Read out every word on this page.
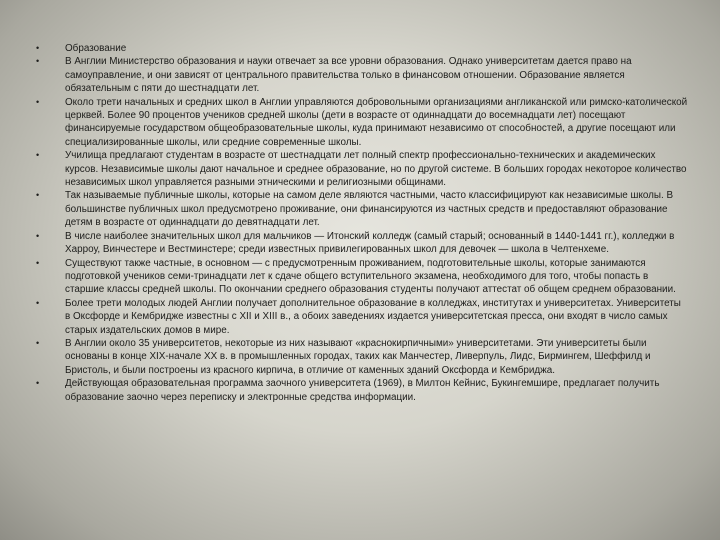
•	Образование
•	В Англии Министерство образования и науки отвечает за все уровни образования. Однако университетам дается право на самоуправление, и они зависят от центрального правительства только в финансовом отношении. Образование является обязательным с пяти до шестнадцати лет.
•	Около трети начальных и средних школ в Англии управляются добровольными организациями англиканской или римско-католической церквей. Более 90 процентов учеников средней школы (дети в возрасте от одиннадцати до восемнадцати лет) посещают финансируемые государством общеобразовательные школы, куда принимают независимо от способностей, а другие посещают или специализированные школы, или средние современные школы.
•	Училища предлагают студентам в возрасте от шестнадцати лет полный спектр профессионально-технических и академических курсов. Независимые школы дают начальное и среднее образование, но по другой системе. В больших городах некоторое количество независимых школ управляется разными этническими и религиозными общинами.
•	Так называемые публичные школы, которые на самом деле являются частными, часто классифицируют как независимые школы. В большинстве публичных школ предусмотрено проживание, они финансируются из частных средств и предоставляют образование детям в возрасте от одиннадцати до девятнадцати лет.
•	В числе наиболее значительных школ для мальчиков — Итонский колледж (самый старый; основанный в 1440-1441 гг.), колледжи в Харроу, Винчестере и Вестминстере; среди известных привилегированных школ для девочек — школа в Челтенхеме.
•	Существуют также частные, в основном — с предусмотренным проживанием, подготовительные школы, которые занимаются подготовкой учеников семи-тринадцати лет к сдаче общего вступительного экзамена, необходимого для того, чтобы попасть в старшие классы средней школы. По окончании среднего образования студенты получают аттестат об общем среднем образовании.
•	Более трети молодых людей Англии получает дополнительное образование в колледжах, институтах и университетах. Университеты в Оксфорде и Кембридже известны с XII и XIII в., а обоих заведениях издается университетская пресса, они входят в число самых старых издательских домов в мире.
•	В Англии около 35 университетов, некоторые из них называют «краснокирпичными» университетами. Эти университеты были основаны в конце XIX-начале XX в. в промышленных городах, таких как Манчестер, Ливерпуль, Лидс, Бирмингем, Шеффилд и Бристоль, и были построены из красного кирпича, в отличие от каменных зданий Оксфорда и Кембриджа.
•	Действующая образовательная программа заочного университета (1969), в Милтон Кейнис, Букингемшире, предлагает получить образование заочно через переписку и электронные средства информации.
